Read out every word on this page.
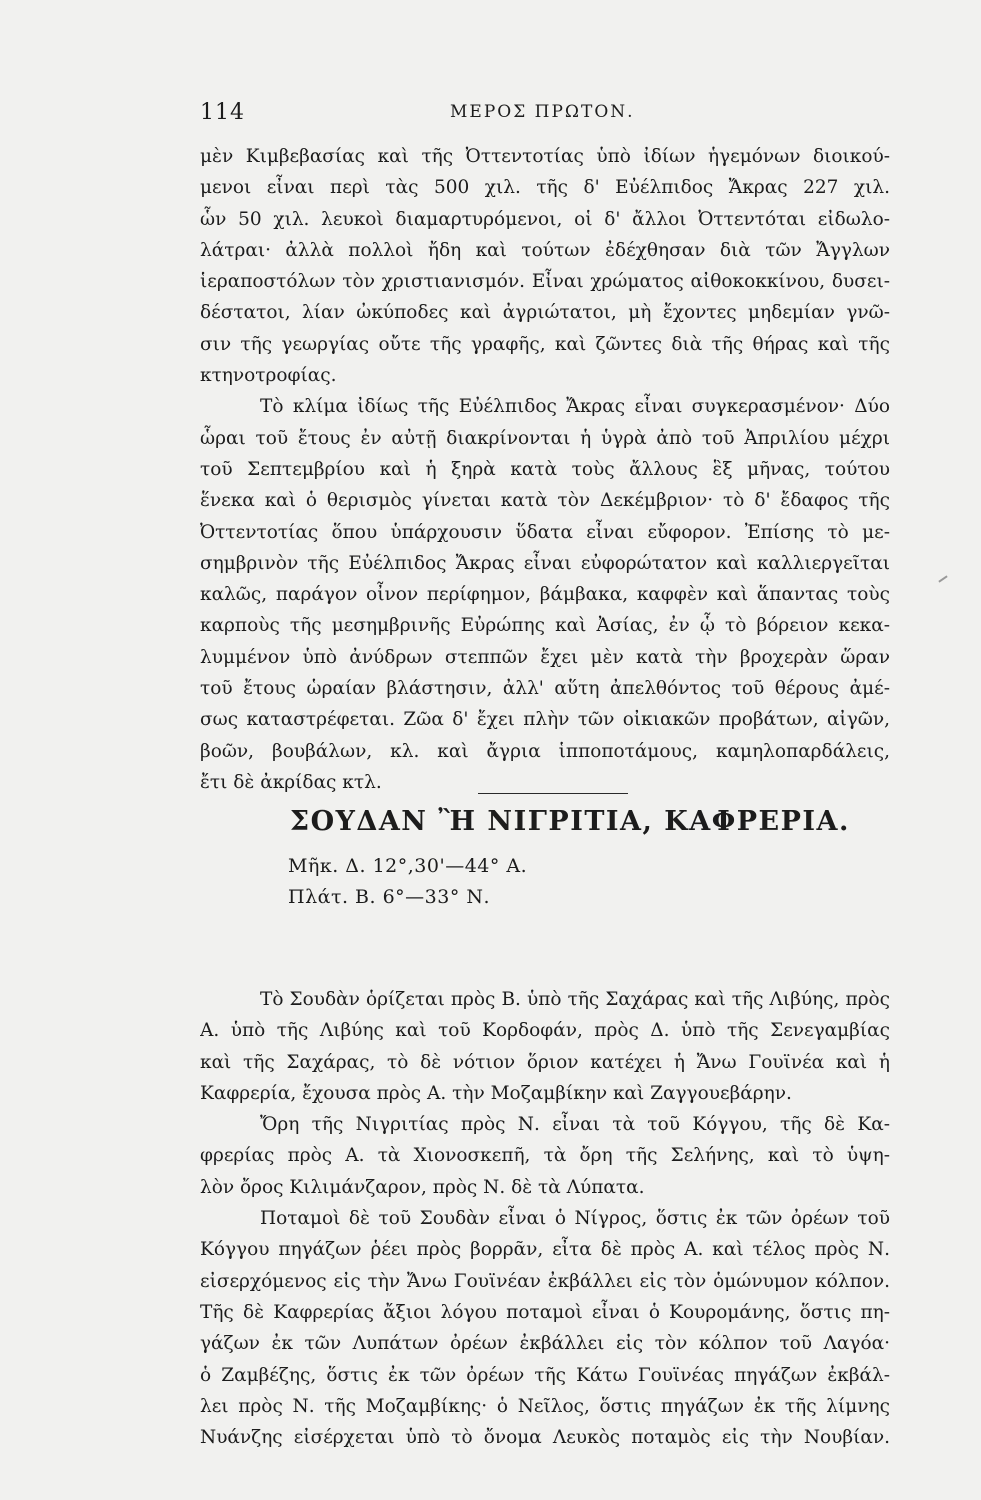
114	ΜΕΡΟΣ ΠΡΩΤΟΝ.
μὲν Κιμβεβασίας καὶ τῆς Ὀττεντοτίας ὑπὸ ἰδίων ἡγεμόνων διοικού-
μενοι εἶναι περὶ τὰς 500 χιλ. τῆς δ' Εὐέλπιδος Ἄκρας 227 χιλ.
ὧν 50 χιλ. λευκοὶ διαμαρτυρόμενοι, οἱ δ' ἄλλοι Ὀττεντόται εἰδωλο-
λάτραι· ἀλλὰ πολλοὶ ἤδη καὶ τούτων ἐδέχθησαν διὰ τῶν Ἄγγλων
ἱεραποστόλων τὸν χριστιανισμόν. Εἶναι χρώματος αἰθοκοκκίνου, δυσει-
δέστατοι, λίαν ὠκύποδες καὶ ἀγριώτατοι, μὴ ἔχοντες μηδεμίαν γνῶ-
σιν τῆς γεωργίας οὔτε τῆς γραφῆς, καὶ ζῶντες διὰ τῆς θήρας καὶ τῆς
κτηνοτροφίας.
Τὸ κλίμα ἰδίως τῆς Εὐέλπιδος Ἄκρας εἶναι συγκερασμένον· Δύο
ὧραι τοῦ ἔτους ἐν αὐτῇ διακρίνονται ἡ ὑγρὰ ἀπὸ τοῦ Ἀπριλίου μέχρι
τοῦ Σεπτεμβρίου καὶ ἡ ξηρὰ κατὰ τοὺς ἄλλους ἓξ μῆνας, τούτου
ἕνεκα καὶ ὁ θερισμὸς γίνεται κατὰ τὸν Δεκέμβριον· τὸ δ' ἔδαφος τῆς
Ὀττεντοτίας ὅπου ὑπάρχουσιν ὕδατα εἶναι εὔφορον. Ἐπίσης τὸ με-
σημβρινὸν τῆς Εὐέλπιδος Ἄκρας εἶναι εὐφορώτατον καὶ καλλιεργεῖται
καλῶς, παράγον οἶνον περίφημον, βάμβακα, καφφὲν καὶ ἅπαντας τοὺς
καρποὺς τῆς μεσημβρινῆς Εὐρώπης καὶ Ἀσίας, ἐν ᾧ τὸ βόρειον κεκα-
λυμμένον ὑπὸ ἀνύδρων στεππῶν ἔχει μὲν κατὰ τὴν βροχερὰν ὥραν
τοῦ ἔτους ὡραίαν βλάστησιν, ἀλλ' αὕτη ἀπελθόντος τοῦ θέρους ἀμέ-
σως καταστρέφεται. Ζῶα δ' ἔχει πλὴν τῶν οἰκιακῶν προβάτων, αἰγῶν,
βοῶν, βουβάλων, κλ. καὶ ἄγρια ἱπποποτάμους, καμηλοπαρδάλεις,
ἔτι δὲ ἀκρίδας κτλ.
ΣΟΥΔΑΝ Ἢ ΝΙΓΡΙΤΙΑ, ΚΑΦΡΕΡΙΑ.
Μῆκ. Δ. 12°,30'—44° Α.
Πλάτ. Β. 6°—33° Ν.
Τὸ Σουδὰν ὁρίζεται πρὸς Β. ὑπὸ τῆς Σαχάρας καὶ τῆς Λιβύης, πρὸς
Α. ὑπὸ τῆς Λιβύης καὶ τοῦ Κορδοφάν, πρὸς Δ. ὑπὸ τῆς Σενεγαμβίας
καὶ τῆς Σαχάρας, τὸ δὲ νότιον ὅριον κατέχει ἡ Ἄνω Γουϊνέα καὶ ἡ
Καφρερία, ἔχουσα πρὸς Α. τὴν Μοζαμβίκην καὶ Ζαγγουεβάρην.
Ὄρη τῆς Νιγριτίας πρὸς Ν. εἶναι τὰ τοῦ Κόγγου, τῆς δὲ Κα-
φρερίας πρὸς Α. τὰ Χιονοσκεπῆ, τὰ ὄρη τῆς Σελήνης, καὶ τὸ ὑψη-
λὸν ὄρος Κιλιμάνζαρον, πρὸς Ν. δὲ τὰ Λύπατα.
Ποταμοὶ δὲ τοῦ Σουδὰν εἶναι ὁ Νίγρος, ὅστις ἐκ τῶν ὀρέων τοῦ
Κόγγου πηγάζων ῥέει πρὸς βορρᾶν, εἶτα δὲ πρὸς Α. καὶ τέλος πρὸς Ν.
εἰσερχόμενος εἰς τὴν Ἄνω Γουϊνέαν ἐκβάλλει εἰς τὸν ὁμώνυμον κόλπον.
Τῆς δὲ Καφρερίας ἄξιοι λόγου ποταμοὶ εἶναι ὁ Κουρομάνης, ὅστις πη-
γάζων ἐκ τῶν Λυπάτων ὀρέων ἐκβάλλει εἰς τὸν κόλπον τοῦ Λαγόα·
ὁ Ζαμβέζης, ὅστις ἐκ τῶν ὀρέων τῆς Κάτω Γουϊνέας πηγάζων ἐκβάλ-
λει πρὸς Ν. τῆς Μοζαμβίκης· ὁ Νεῖλος, ὅστις πηγάζων ἐκ τῆς λίμνης
Νυάνζης εἰσέρχεται ὑπὸ τὸ ὄνομα Λευκὸς ποταμὸς εἰς τὴν Νουβίαν.
